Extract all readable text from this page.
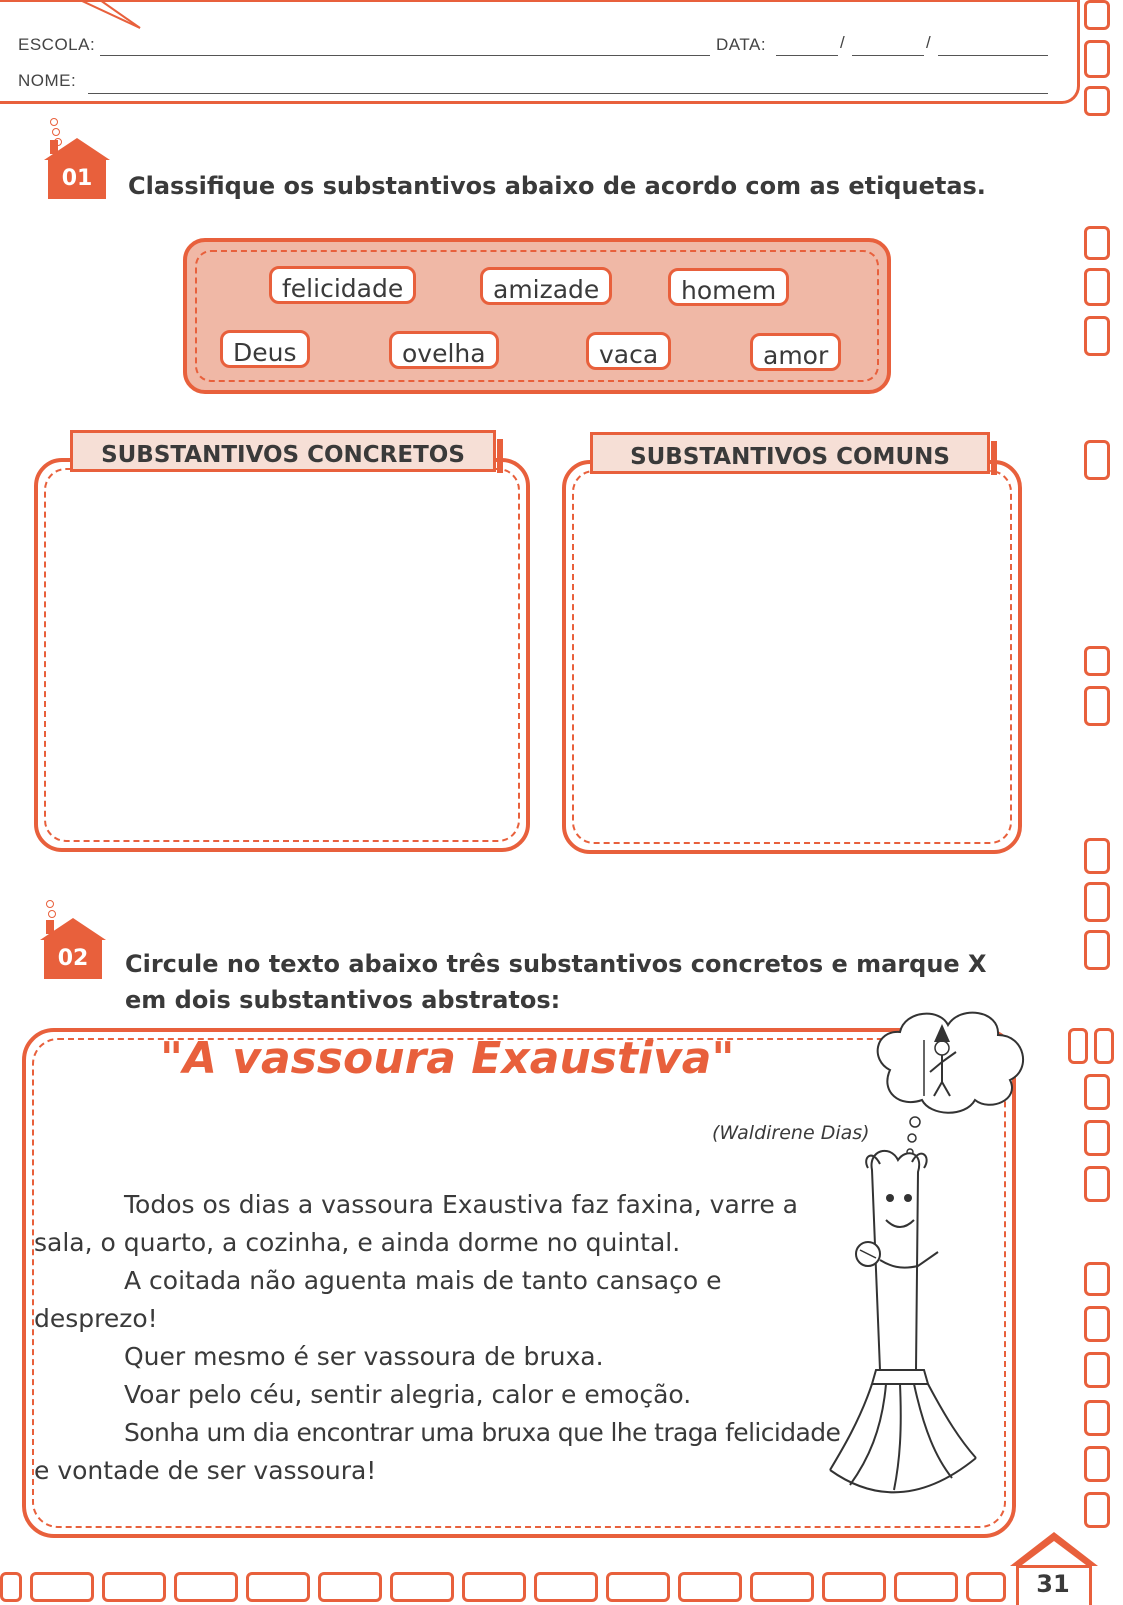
ESCOLA:	DATA:	/	/
NOME:
01	Classifique os substantivos abaixo de acordo com as etiquetas.
felicidade	amizade	homem
Deus	ovelha	vaca	amor
SUBSTANTIVOS CONCRETOS	SUBSTANTIVOS COMUNS
02	Circule no texto abaixo três substantivos concretos e marque X
em dois substantivos abstratos:
"A vassoura Exaustiva"
(Waldirene Dias)
Todos os dias a vassoura Exaustiva faz faxina, varre a
sala, o quarto, a cozinha, e ainda dorme no quintal.
A coitada não aguenta mais de tanto cansaço e
desprezo!
Quer mesmo é ser vassoura de bruxa.
Voar pelo céu, sentir alegria, calor e emoção.
Sonha um dia encontrar uma bruxa que lhe traga felicidade
e vontade de ser vassoura!
31
